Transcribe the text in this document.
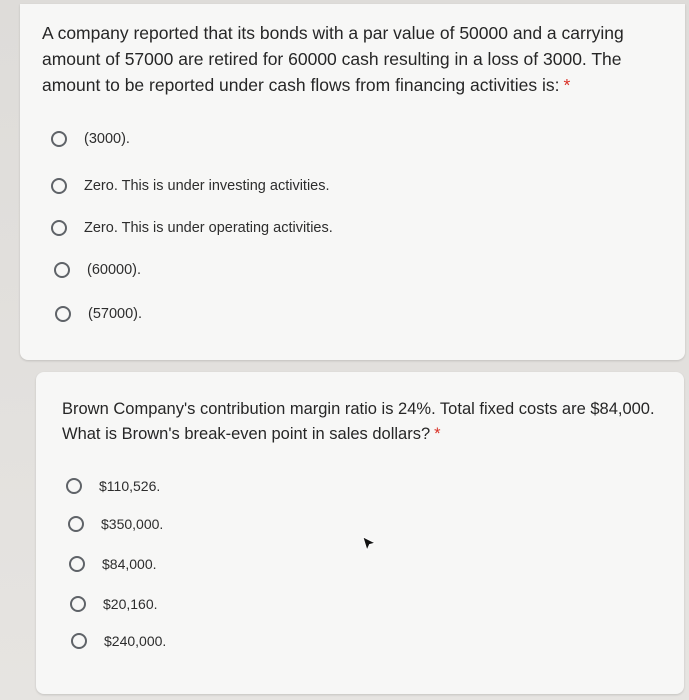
A company reported that its bonds with a par value of 50000 and a carrying amount of 57000 are retired for 60000 cash resulting in a loss of 3000. The amount to be reported under cash flows from financing activities is: *

(3000).
Zero. This is under investing activities.
Zero. This is under operating activities.
(60000).
(57000).

Brown Company's contribution margin ratio is 24%. Total fixed costs are $84,000. What is Brown's break-even point in sales dollars? *

$110,526.
$350,000.
$84,000.
$20,160.
$240,000.
